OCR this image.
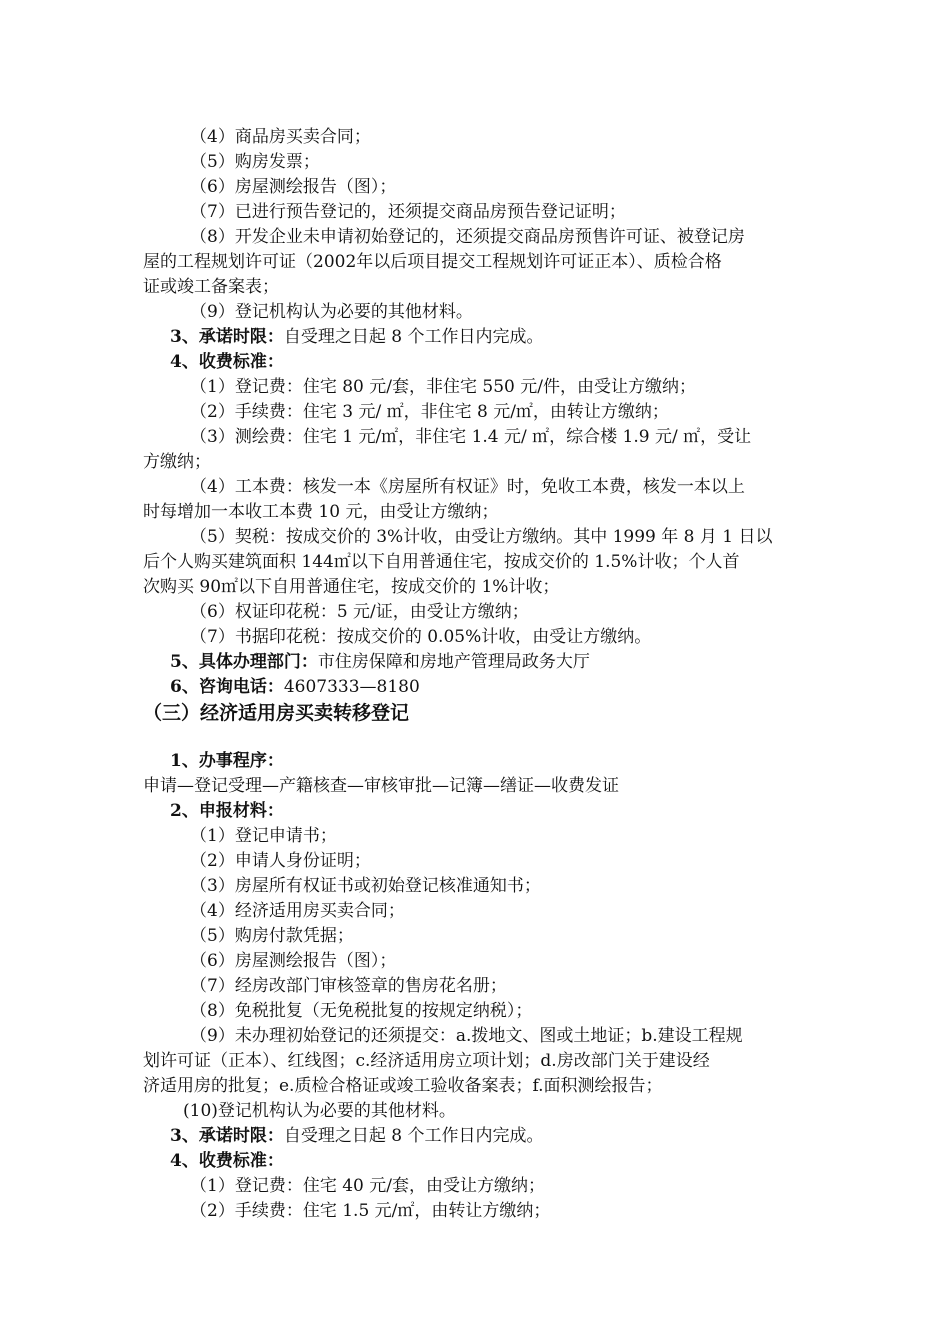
（4）商品房买卖合同；
（5）购房发票；
（6）房屋测绘报告（图）；
（7）已进行预告登记的，还须提交商品房预告登记证明；
（8）开发企业未申请初始登记的，还须提交商品房预售许可证、被登记房
屋的工程规划许可证（2002年以后项目提交工程规划许可证正本）、质检合格
证或竣工备案表；
（9）登记机构认为必要的其他材料。
3、承诺时限：自受理之日起 8 个工作日内完成。
4、收费标准：
（1）登记费：住宅 80 元/套，非住宅 550 元/件，由受让方缴纳；
（2）手续费：住宅 3 元/ ㎡，非住宅 8 元/㎡，由转让方缴纳；
（3）测绘费：住宅 1 元/㎡，非住宅 1.4 元/ ㎡，综合楼 1.9 元/ ㎡，受让
方缴纳；
（4）工本费：核发一本《房屋所有权证》时，免收工本费，核发一本以上
时每增加一本收工本费 10 元，由受让方缴纳；
（5）契税：按成交价的 3%计收，由受让方缴纳。其中 1999 年 8 月 1 日以
后个人购买建筑面积 144㎡以下自用普通住宅，按成交价的 1.5%计收；个人首
次购买 90㎡以下自用普通住宅，按成交价的 1%计收；
（6）权证印花税：5 元/证，由受让方缴纳；
（7）书据印花税：按成交价的 0.05%计收，由受让方缴纳。
5、具体办理部门：市住房保障和房地产管理局政务大厅
6、咨询电话：4607333—8180
（三）经济适用房买卖转移登记
1、办事程序：
申请—登记受理—产籍核查—审核审批—记簿—缮证—收费发证
2、申报材料：
（1）登记申请书；
（2）申请人身份证明；
（3）房屋所有权证书或初始登记核准通知书；
（4）经济适用房买卖合同；
（5）购房付款凭据；
（6）房屋测绘报告（图）；
（7）经房改部门审核签章的售房花名册；
（8）免税批复（无免税批复的按规定纳税）；
（9）未办理初始登记的还须提交：a.拨地文、图或土地证；b.建设工程规
划许可证（正本）、红线图；c.经济适用房立项计划；d.房改部门关于建设经
济适用房的批复；e.质检合格证或竣工验收备案表；f.面积测绘报告；
(10)登记机构认为必要的其他材料。
3、承诺时限：自受理之日起 8 个工作日内完成。
4、收费标准：
（1）登记费：住宅 40 元/套，由受让方缴纳；
（2）手续费：住宅 1.5 元/㎡，由转让方缴纳；
